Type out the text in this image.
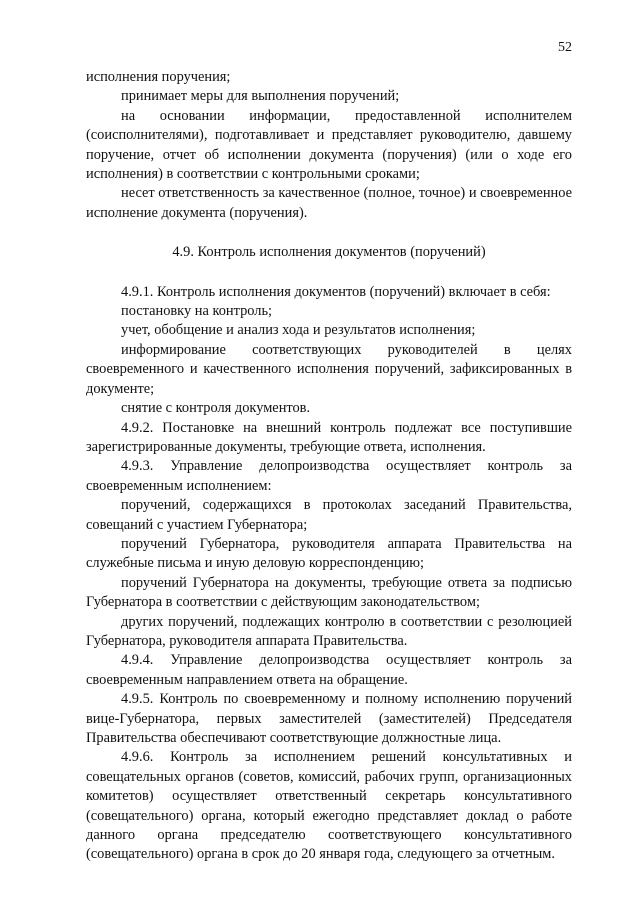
52

исполнения поручения;

принимает меры для выполнения поручений;

на основании информации, предоставленной исполнителем (соисполнителями), подготавливает и представляет руководителю, давшему поручение, отчет об исполнении документа (поручения) (или о ходе его исполнения) в соответствии с контрольными сроками;

несет ответственность за качественное (полное, точное) и своевременное исполнение документа (поручения).

4.9. Контроль исполнения документов (поручений)

4.9.1. Контроль исполнения документов (поручений) включает в себя:

постановку на контроль;

учет, обобщение и анализ хода и результатов исполнения;

информирование соответствующих руководителей в целях своевременного и качественного исполнения поручений, зафиксированных в документе;

снятие с контроля документов.

4.9.2. Постановке на внешний контроль подлежат все поступившие зарегистрированные документы, требующие ответа, исполнения.

4.9.3. Управление делопроизводства осуществляет контроль за своевременным исполнением:

поручений, содержащихся в протоколах заседаний Правительства, совещаний с участием Губернатора;

поручений Губернатора, руководителя аппарата Правительства на служебные письма и иную деловую корреспонденцию;

поручений Губернатора на документы, требующие ответа за подписью Губернатора в соответствии с действующим законодательством;

других поручений, подлежащих контролю в соответствии с резолюцией Губернатора, руководителя аппарата Правительства.

4.9.4. Управление делопроизводства осуществляет контроль за своевременным направлением ответа на обращение.

4.9.5. Контроль по своевременному и полному исполнению поручений вице-Губернатора, первых заместителей (заместителей) Председателя Правительства обеспечивают соответствующие должностные лица.

4.9.6. Контроль за исполнением решений консультативных и совещательных органов (советов, комиссий, рабочих групп, организационных комитетов) осуществляет ответственный секретарь консультативного (совещательного) органа, который ежегодно представляет доклад о работе данного органа председателю соответствующего консультативного (совещательного) органа в срок до 20 января года, следующего за отчетным.
